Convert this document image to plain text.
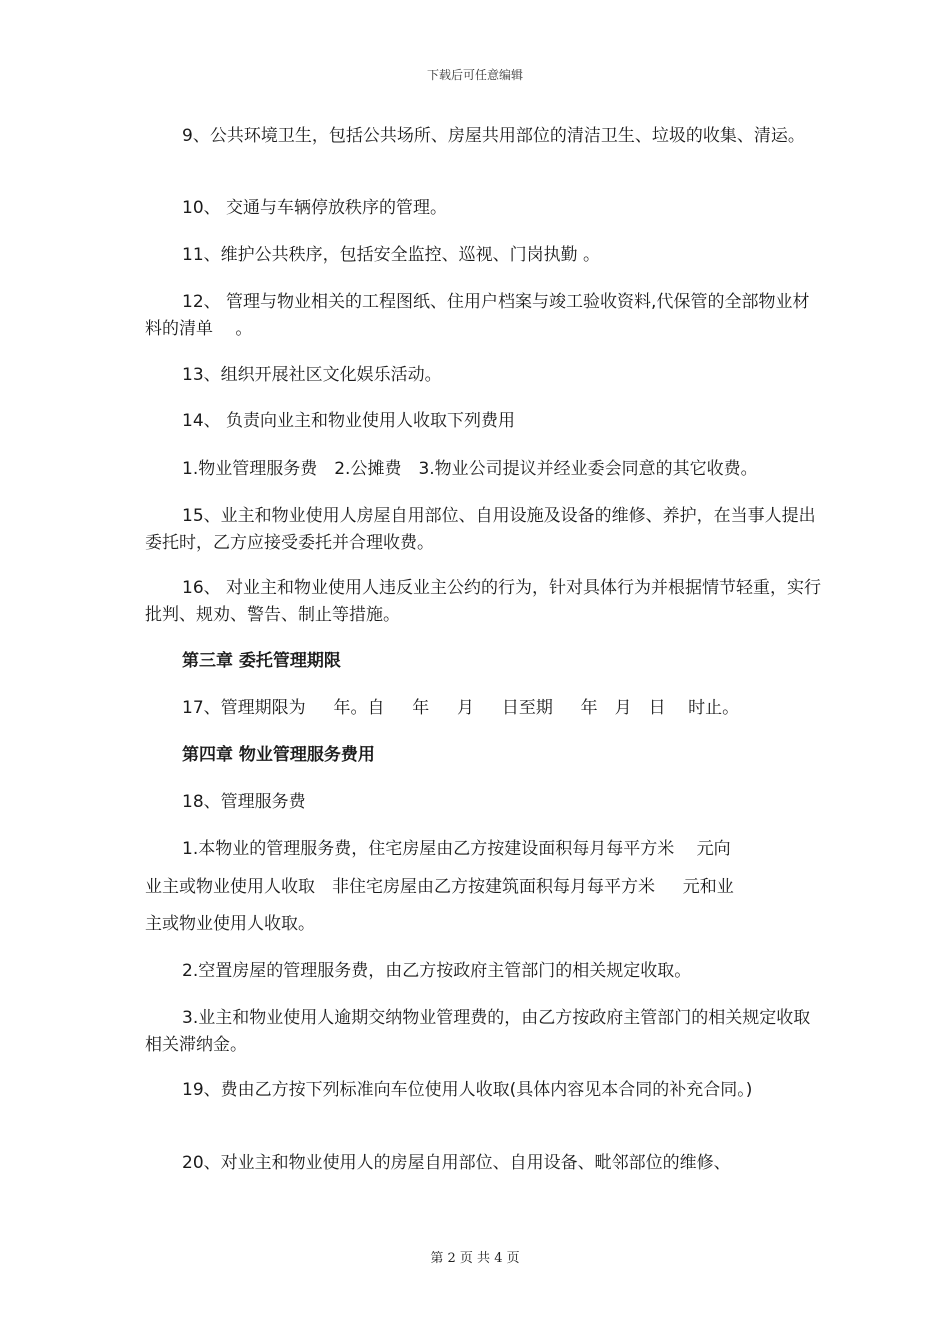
下载后可任意编辑

9、公共环境卫生，包括公共场所、房屋共用部位的清洁卫生、垃圾的收集、清运。

10、 交通与车辆停放秩序的管理。

11、维护公共秩序，包括安全监控、巡视、门岗执勤 。

12、 管理与物业相关的工程图纸、住用户档案与竣工验收资料,代保管的全部物业材料的清单　 。

13、组织开展社区文化娱乐活动。

14、 负责向业主和物业使用人收取下列费用

1.物业管理服务费　2.公摊费　3.物业公司提议并经业委会同意的其它收费。

15、业主和物业使用人房屋自用部位、自用设施及设备的维修、养护，在当事人提出委托时，乙方应接受委托并合理收费。

16、 对业主和物业使用人违反业主公约的行为，针对具体行为并根据情节轻重，实行批判、规劝、警告、制止等措施。

第三章 委托管理期限

17、管理期限为　  年。自　  年　  月　  日至期　  年　月　日　 时止。

第四章 物业管理服务费用

18、管理服务费

1.本物业的管理服务费，住宅房屋由乙方按建设面积每月每平方米　 元向

业主或物业使用人收取　非住宅房屋由乙方按建筑面积每月每平方米　  元和业

主或物业使用人收取。

2.空置房屋的管理服务费，由乙方按政府主管部门的相关规定收取。

3.业主和物业使用人逾期交纳物业管理费的，由乙方按政府主管部门的相关规定收取相关滞纳金。

19、费由乙方按下列标准向车位使用人收取(具体内容见本合同的补充合同。)

20、对业主和物业使用人的房屋自用部位、自用设备、毗邻部位的维修、

第 2 页 共 4 页
